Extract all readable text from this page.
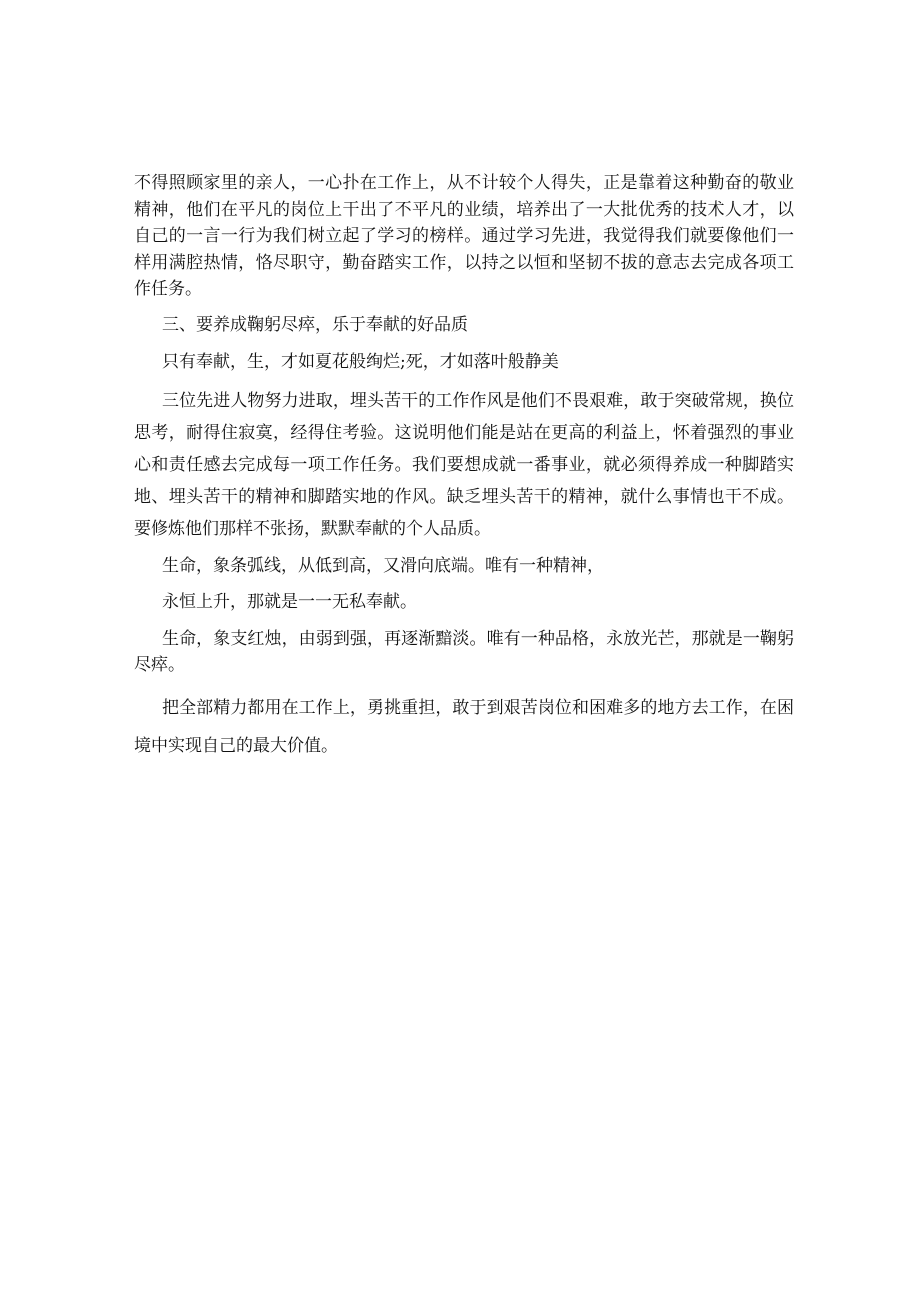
不得照顾家里的亲人，一心扑在工作上，从不计较个人得失，正是靠着这种勤奋的敬业精神，他们在平凡的岗位上干出了不平凡的业绩，培养出了一大批优秀的技术人才，以自己的一言一行为我们树立起了学习的榜样。通过学习先进，我觉得我们就要像他们一样用满腔热情，恪尽职守，勤奋踏实工作，以持之以恒和坚韧不拔的意志去完成各项工作任务。

三、要养成鞠躬尽瘁，乐于奉献的好品质

只有奉献，生，才如夏花般绚烂;死，才如落叶般静美

三位先进人物努力进取，埋头苦干的工作作风是他们不畏艰难，敢于突破常规，换位思考，耐得住寂寞，经得住考验。这说明他们能是站在更高的利益上，怀着强烈的事业心和责任感去完成每一项工作任务。我们要想成就一番事业，就必须得养成一种脚踏实地、埋头苦干的精神和脚踏实地的作风。缺乏埋头苦干的精神，就什么事情也干不成。要修炼他们那样不张扬，默默奉献的个人品质。

生命，象条弧线，从低到高，又滑向底端。唯有一种精神，

永恒上升，那就是一一无私奉献。

生命，象支红烛，由弱到强，再逐渐黯淡。唯有一种品格，永放光芒，那就是一鞠躬尽瘁。

把全部精力都用在工作上，勇挑重担，敢于到艰苦岗位和困难多的地方去工作，在困境中实现自己的最大价值。
